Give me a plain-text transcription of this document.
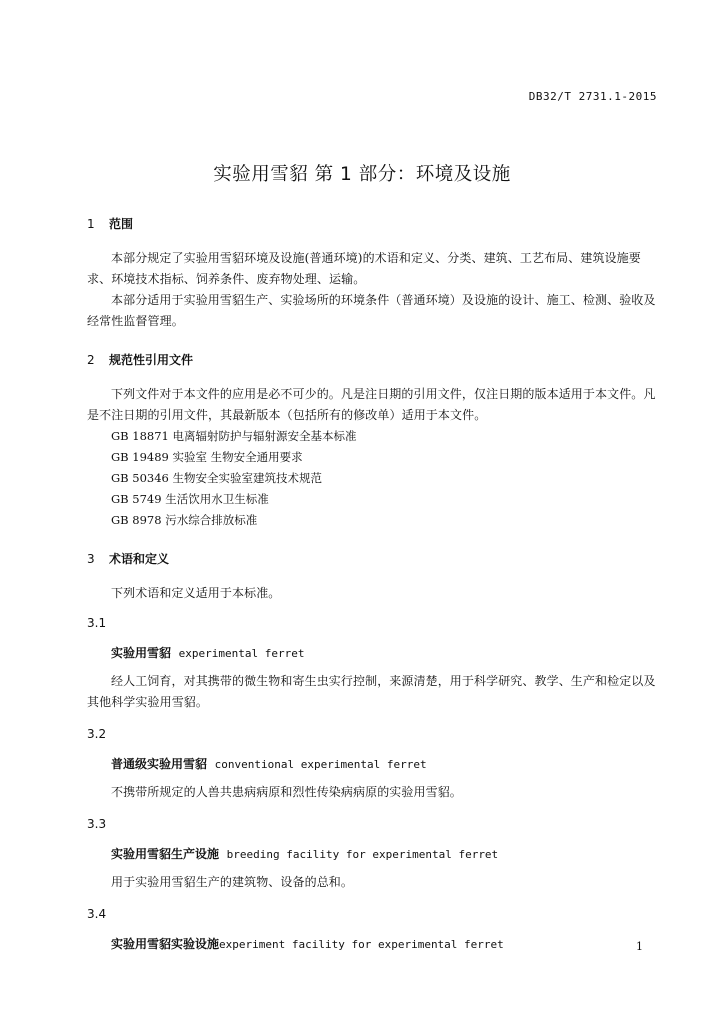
DB32/T 2731.1-2015
实验用雪貂 第 1 部分：环境及设施
1 范围

本部分规定了实验用雪貂环境及设施(普通环境)的术语和定义、分类、建筑、工艺布局、建筑设施要求、环境技术指标、饲养条件、废弃物处理、运输。

本部分适用于实验用雪貂生产、实验场所的环境条件（普通环境）及设施的设计、施工、检测、验收及经常性监督管理。

2 规范性引用文件

下列文件对于本文件的应用是必不可少的。凡是注日期的引用文件，仅注日期的版本适用于本文件。凡是不注日期的引用文件，其最新版本（包括所有的修改单）适用于本文件。

GB 18871 电离辐射防护与辐射源安全基本标准

GB 19489 实验室 生物安全通用要求

GB 50346 生物安全实验室建筑技术规范

GB 5749 生活饮用水卫生标准

GB 8978 污水综合排放标准

3 术语和定义

下列术语和定义适用于本标准。

3.1

实验用雪貂 experimental ferret

经人工饲育，对其携带的微生物和寄生虫实行控制，来源清楚，用于科学研究、教学、生产和检定以及其他科学实验用雪貂。

3.2

普通级实验用雪貂 conventional experimental ferret

不携带所规定的人兽共患病病原和烈性传染病病原的实验用雪貂。

3.3

实验用雪貂生产设施 breeding facility for experimental ferret

用于实验用雪貂生产的建筑物、设备的总和。

3.4

实验用雪貂实验设施experiment facility for experimental ferret	1
